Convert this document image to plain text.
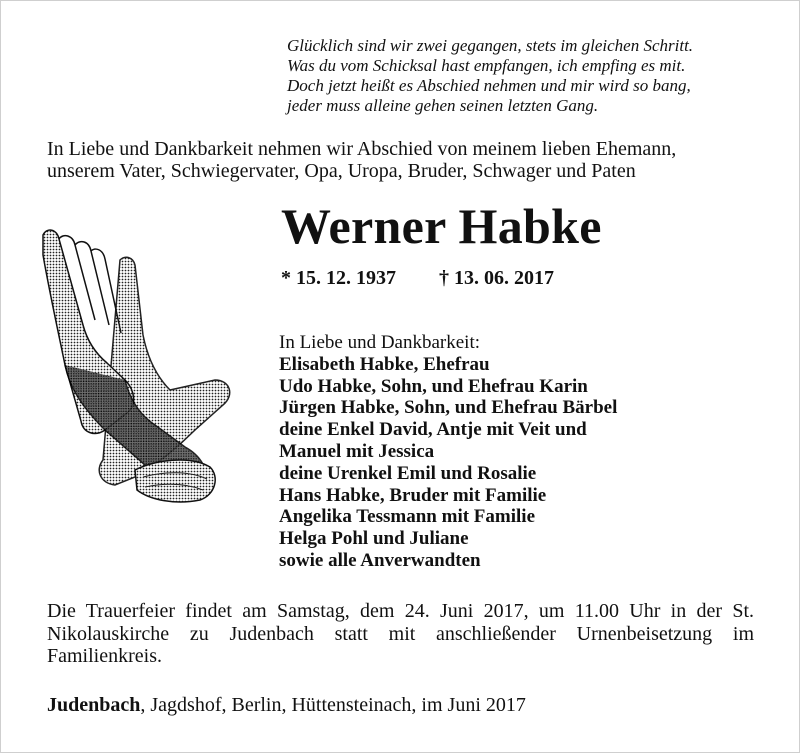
Glücklich sind wir zwei gegangen, stets im gleichen Schritt.
Was du vom Schicksal hast empfangen, ich empfing es mit.
Doch jetzt heißt es Abschied nehmen und mir wird so bang,
jeder muss alleine gehen seinen letzten Gang.
In Liebe und Dankbarkeit nehmen wir Abschied von meinem lieben Ehemann,
unserem Vater, Schwiegervater, Opa, Uropa, Bruder, Schwager und Paten
Werner Habke
* 15. 12. 1937 † 13. 06. 2017
In Liebe und Dankbarkeit:
Elisabeth Habke, Ehefrau
Udo Habke, Sohn, und Ehefrau Karin
Jürgen Habke, Sohn, und Ehefrau Bärbel
deine Enkel David, Antje mit Veit und
Manuel mit Jessica
deine Urenkel Emil und Rosalie
Hans Habke, Bruder mit Familie
Angelika Tessmann mit Familie
Helga Pohl und Juliane
sowie alle Anverwandten
Die Trauerfeier findet am Samstag, dem 24. Juni 2017, um 11.00 Uhr in der St. Nikolauskirche zu Judenbach statt mit anschließender Urnenbeisetzung im Familienkreis.
Judenbach, Jagdshof, Berlin, Hüttensteinach, im Juni 2017
